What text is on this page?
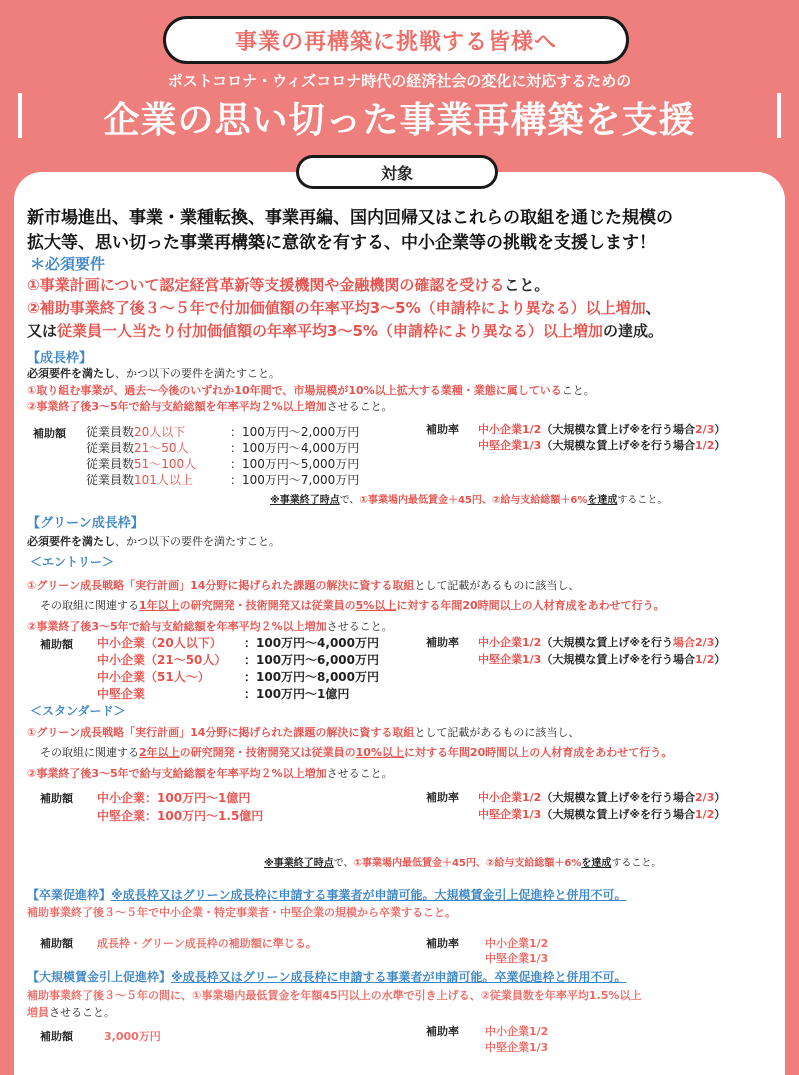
事業の再構築に挑戦する皆様へ
ポストコロナ・ウィズコロナ時代の経済社会の変化に対応するための
企業の思い切った事業再構築を支援
対象
新市場進出、事業・業種転換、事業再編、国内回帰又はこれらの取組を通じた規模の
拡大等、思い切った事業再構築に意欲を有する、中小企業等の挑戦を支援します！
＊必須要件
①事業計画について認定経営革新等支援機関や金融機関の確認を受けること。
②補助事業終了後３～５年で付加価値額の年率平均3～5%（申請枠により異なる）以上増加、
又は従業員一人当たり付加価値額の年率平均3～5%（申請枠により異なる）以上増加の達成。
【成長枠】
必須要件を満たし、かつ以下の要件を満たすこと。
①取り組む事業が、過去～今後のいずれか10年間で、市場規模が10%以上拡大する業種・業態に属していること。
②事業終了後3～5年で給与支給総額を年率平均２%以上増加させること。
補助額 従業員数20人以下	：100万円～2,000万円
従業員数21～50人	：100万円～4,000万円
従業員数51～100人	：100万円～5,000万円
従業員数101人以上	：100万円～7,000万円
補助率 中小企業1/2（大規模な賃上げ※を行う場合2/3）
中堅企業1/3（大規模な賃上げ※を行う場合1/2）
※事業終了時点で、①事業場内最低賃金＋45円、②給与支給総額＋6%を達成すること。
【グリーン成長枠】
必須要件を満たし、かつ以下の要件を満たすこと。
＜エントリー＞
①グリーン成長戦略「実行計画」14分野に掲げられた課題の解決に資する取組として記載があるものに該当し、
その取組に関連する1年以上の研究開発・技術開発又は従業員の5%以上に対する年間20時間以上の人材育成をあわせて行う。
②事業終了後3～5年で給与支給総額を年率平均２%以上増加させること。
補助額 中小企業（20人以下） ：100万円～4,000万円
中小企業（21～50人） ：100万円～6,000万円
中小企業（51人～）	：100万円～8,000万円
中堅企業	：100万円～1億円
補助率 中小企業1/2（大規模な賃上げ※を行う場合2/3）
中堅企業1/3（大規模な賃上げ※を行う場合1/2）
＜スタンダード＞
①グリーン成長戦略「実行計画」14分野に掲げられた課題の解決に資する取組として記載があるものに該当し、
その取組に関連する2年以上の研究開発・技術開発又は従業員の10%以上に対する年間20時間以上の人材育成をあわせて行う。
②事業終了後3～5年で給与支給総額を年率平均２%以上増加させること。
補助額 中小企業：100万円～1億円
中堅企業：100万円～1.5億円
補助率 中小企業1/2（大規模な賃上げ※を行う場合2/3）
中堅企業1/3（大規模な賃上げ※を行う場合1/2）
※事業終了時点で、①事業場内最低賃金＋45円、②給与支給総額＋6%を達成すること。
【卒業促進枠】※成長枠又はグリーン成長枠に申請する事業者が申請可能。大規模賃金引上促進枠と併用不可。
補助事業終了後３～５年で中小企業・特定事業者・中堅企業の規模から卒業すること。
補助額 成長枠・グリーン成長枠の補助額に準じる。	補助率 中小企業1/2
中堅企業1/3
【大規模賃金引上促進枠】※成長枠又はグリーン成長枠に申請する事業者が申請可能。卒業促進枠と併用不可。
補助事業終了後３～５年の間に、①事業場内最低賃金を年額45円以上の水準で引き上げる、②従業員数を年率平均1.5%以上
増員させること。
補助額	3,000万円	補助率 中小企業1/2
中堅企業1/3
